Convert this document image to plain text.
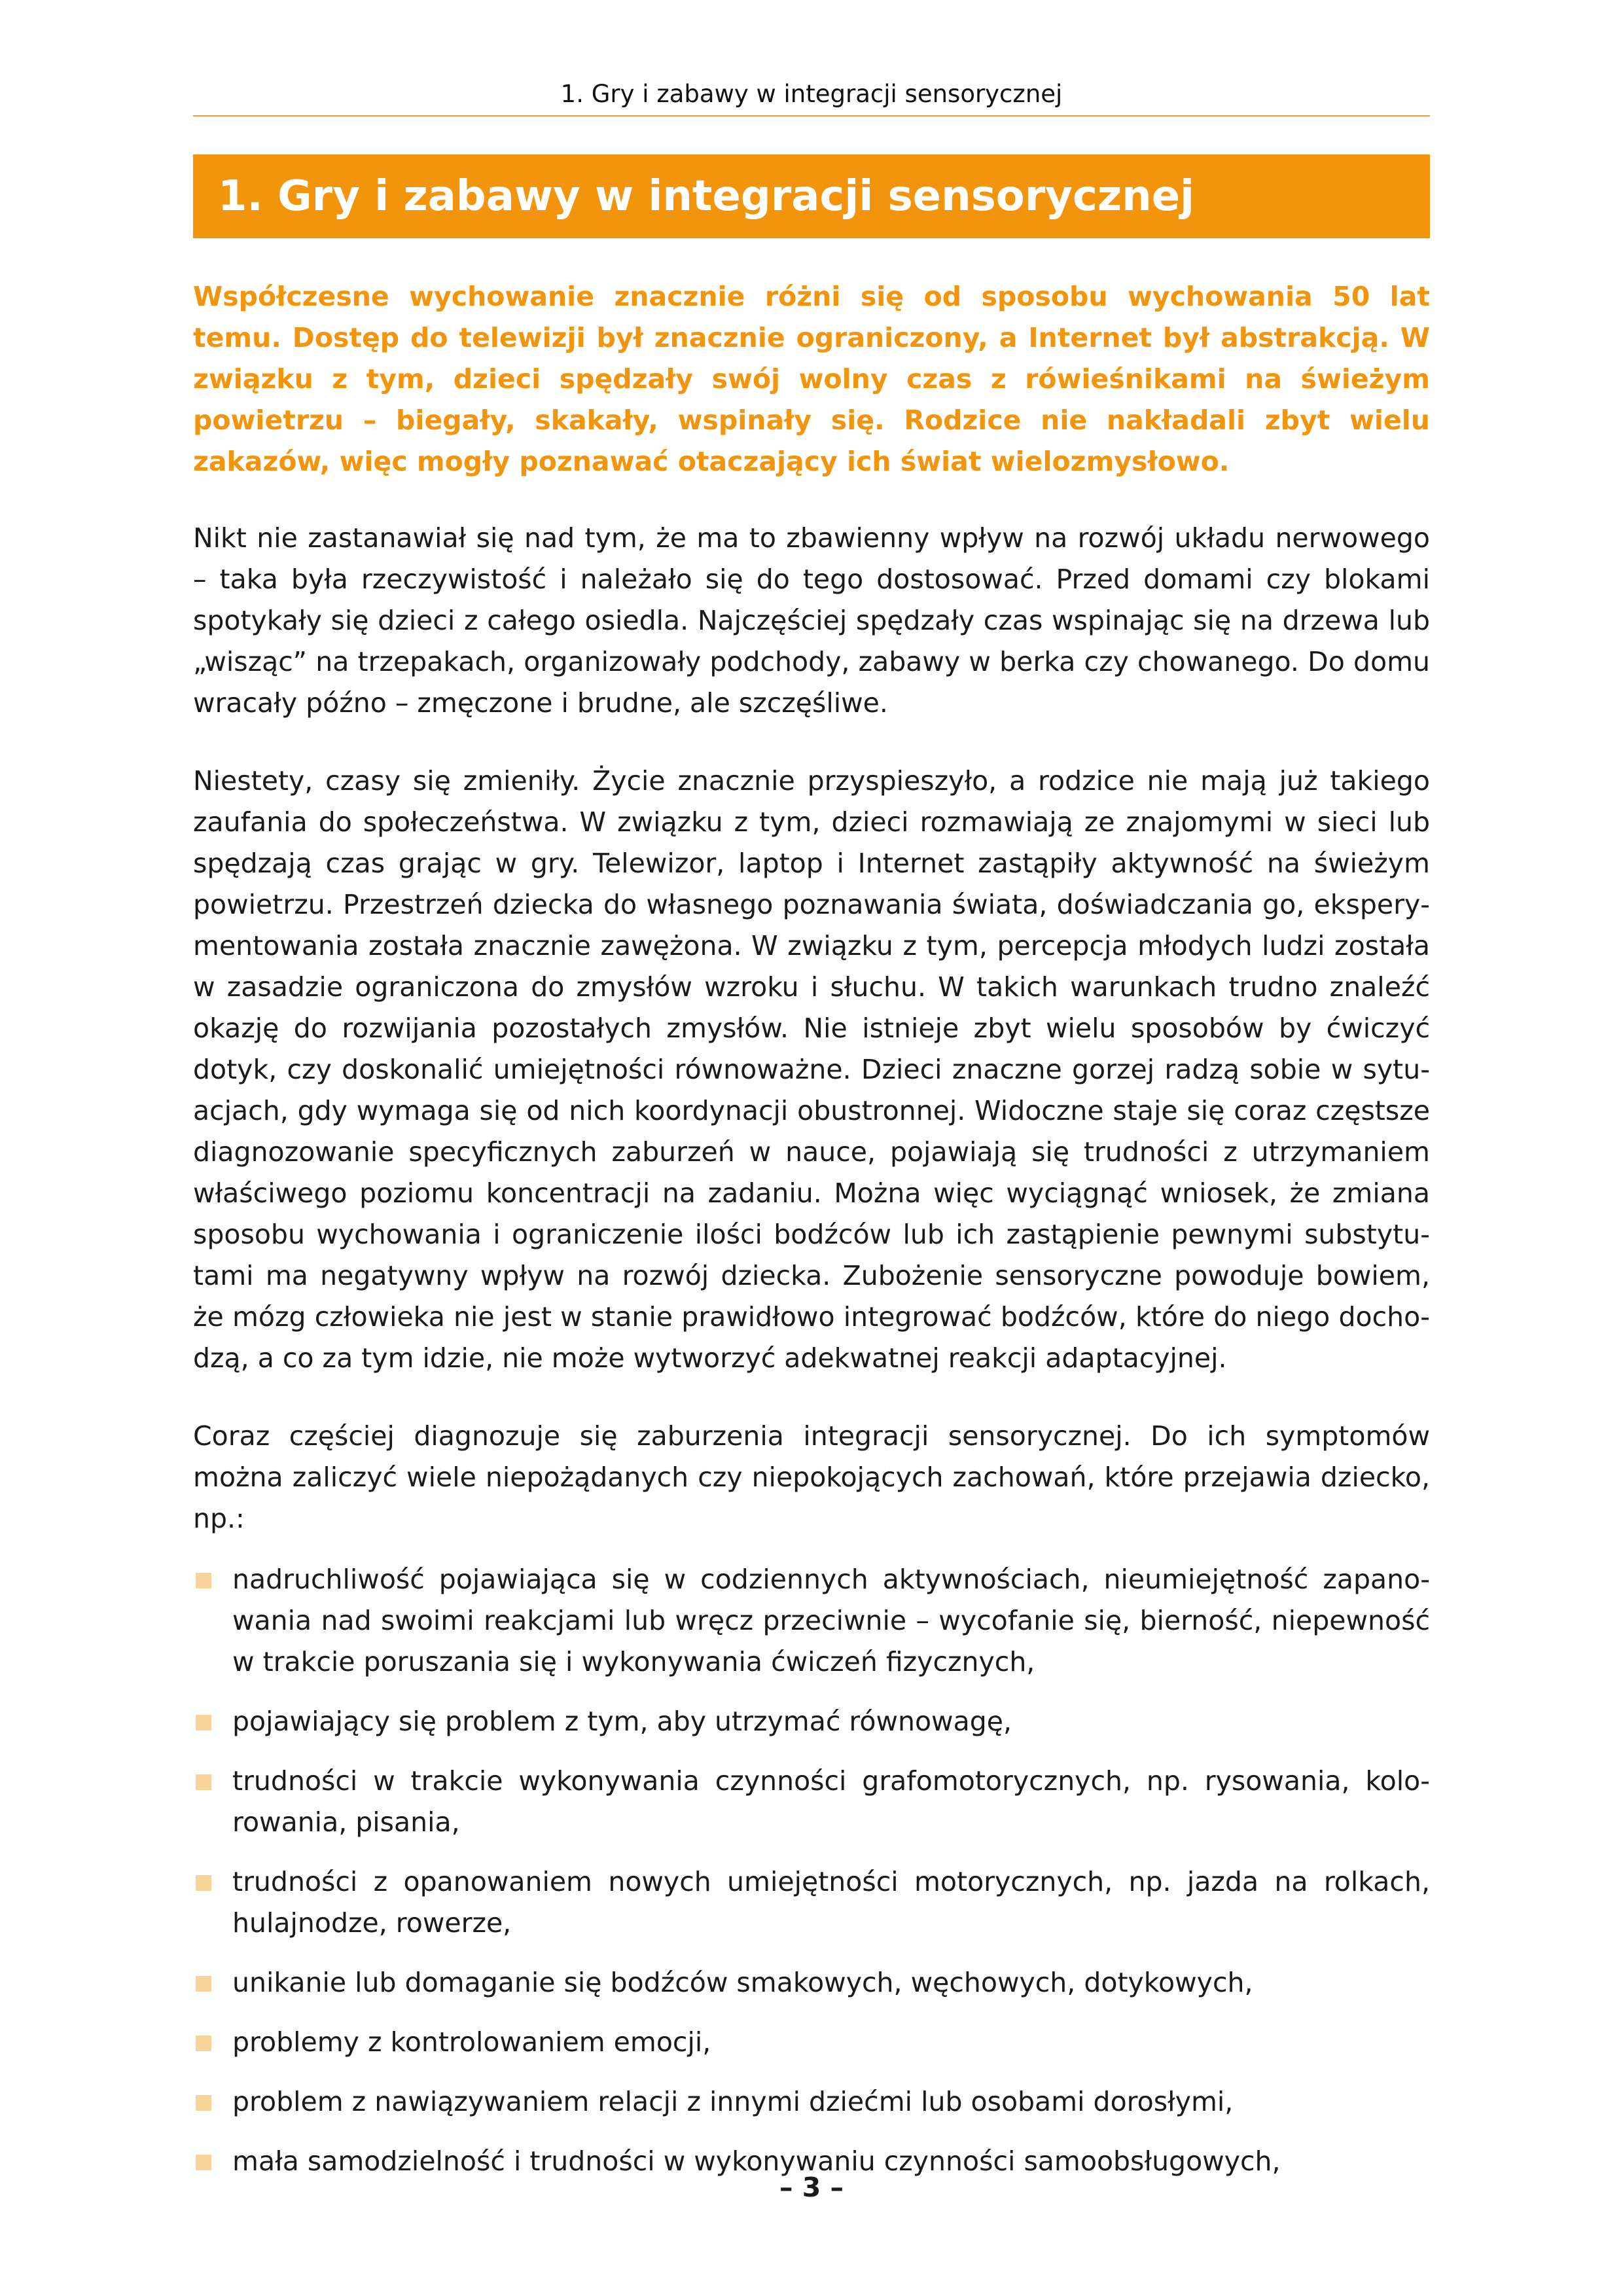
1. Gry i zabawy w integracji sensorycznej
1. Gry i zabawy w integracji sensorycznej

Współczesne wychowanie znacznie różni się od sposobu wychowania 50 lat temu. Dostęp do telewizji był znacznie ograniczony, a Internet był abstrakcją. W związku z tym, dzieci spędzały swój wolny czas z rówieśnikami na świeżym powietrzu – biegały, skakały, wspinały się. Rodzice nie nakładali zbyt wielu zakazów, więc mogły poznawać otaczający ich świat wielozmysłowo.

Nikt nie zastanawiał się nad tym, że ma to zbawienny wpływ na rozwój układu nerwowego – taka była rzeczywistość i należało się do tego dostosować. Przed domami czy blokami spotykały się dzieci z całego osiedla. Najczęściej spędzały czas wspinając się na drzewa lub „wisząc” na trzepakach, organizowały podchody, zabawy w berka czy chowanego. Do domu wracały późno – zmęczone i brudne, ale szczęśliwe.

Niestety, czasy się zmieniły. Życie znacznie przyspieszyło, a rodzice nie mają już takiego zaufania do społeczeństwa. W związku z tym, dzieci rozmawiają ze znajomymi w sieci lub spędzają czas grając w gry. Telewizor, laptop i Internet zastąpiły aktywność na świeżym powietrzu. Przestrzeń dziecka do własnego poznawania świata, doświadczania go, eksperymentowania została znacznie zawężona. W związku z tym, percepcja młodych ludzi została w zasadzie ograniczona do zmysłów wzroku i słuchu. W takich warunkach trudno znaleźć okazję do rozwijania pozostałych zmysłów. Nie istnieje zbyt wielu sposobów by ćwiczyć dotyk, czy doskonalić umiejętności równoważne. Dzieci znaczne gorzej radzą sobie w sytuacjach, gdy wymaga się od nich koordynacji obustronnej. Widoczne staje się coraz częstsze diagnozowanie specyficznych zaburzeń w nauce, pojawiają się trudności z utrzymaniem właściwego poziomu koncentracji na zadaniu. Można więc wyciągnąć wniosek, że zmiana sposobu wychowania i ograniczenie ilości bodźców lub ich zastąpienie pewnymi substytutami ma negatywny wpływ na rozwój dziecka. Zubożenie sensoryczne powoduje bowiem, że mózg człowieka nie jest w stanie prawidłowo integrować bodźców, które do niego dochodzą, a co za tym idzie, nie może wytworzyć adekwatnej reakcji adaptacyjnej.

Coraz częściej diagnozuje się zaburzenia integracji sensorycznej. Do ich symptomów można zaliczyć wiele niepożądanych czy niepokojących zachowań, które przejawia dziecko, np.:

nadruchliwość pojawiająca się w codziennych aktywnościach, nieumiejętność zapanowania nad swoimi reakcjami lub wręcz przeciwnie – wycofanie się, bierność, niepewność w trakcie poruszania się i wykonywania ćwiczeń fizycznych,
pojawiający się problem z tym, aby utrzymać równowagę,
trudności w trakcie wykonywania czynności grafomotorycznych, np. rysowania, kolorowania, pisania,
trudności z opanowaniem nowych umiejętności motorycznych, np. jazda na rolkach, hulajnodze, rowerze,
unikanie lub domaganie się bodźców smakowych, węchowych, dotykowych,
problemy z kontrolowaniem emocji,
problem z nawiązywaniem relacji z innymi dziećmi lub osobami dorosłymi,
mała samodzielność i trudności w wykonywaniu czynności samoobsługowych,
– 3 –
